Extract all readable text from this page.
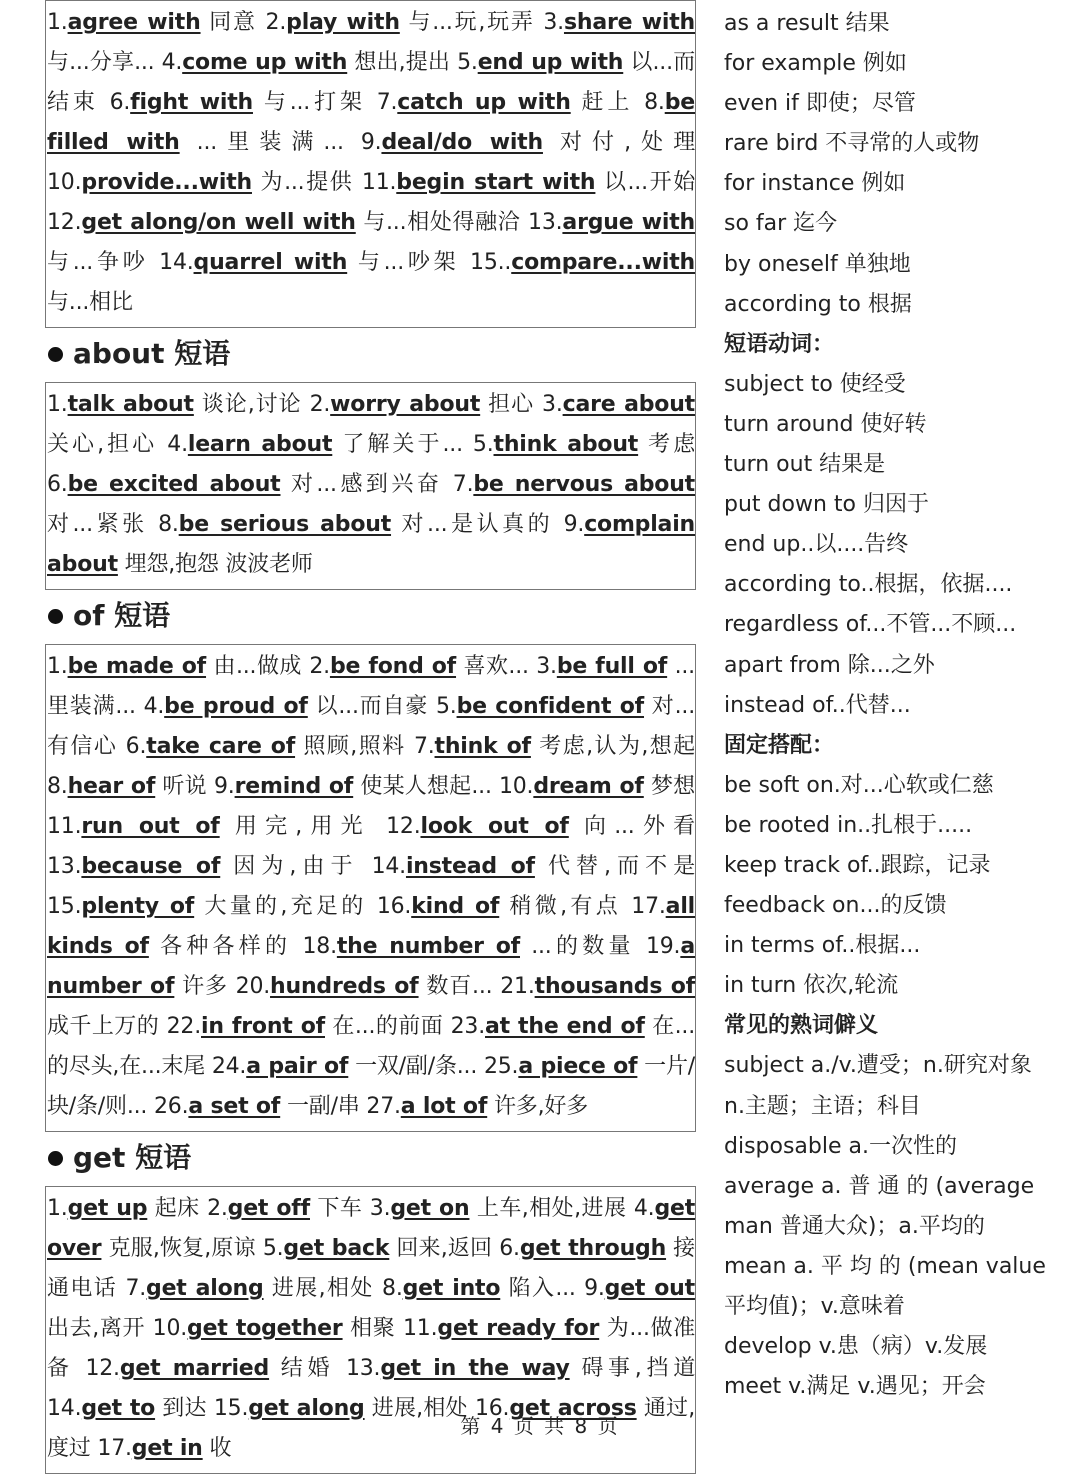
1.agree with 同意 2.play with 与...玩,玩弄 3.share with 与...分享... 4.come up with 想出,提出 5.end up with 以...而结束 6.fight with 与...打架 7.catch up with 赶上 8.be filled with ...里装满... 9.deal/do with 对付,处理 10.provide...with 为...提供 11.begin start with 以...开始 12.get along/on well with 与...相处得融洽 13.argue with 与...争吵 14.quarrel with 与...吵架 15..compare...with 与...相比
about 短语
1.talk about 谈论,讨论 2.worry about 担心 3.care about 关心,担心 4.learn about 了解关于... 5.think about 考虑 6.be excited about 对...感到兴奋 7.be nervous about 对...紧张 8.be serious about 对...是认真的 9.complain about 埋怨,抱怨 波波老师
of 短语
1.be made of 由...做成 2.be fond of 喜欢... 3.be full of ...里装满... 4.be proud of 以...而自豪 5.be confident of 对...有信心 6.take care of 照顾,照料 7.think of 考虑,认为,想起 8.hear of 听说 9.remind of 使某人想起... 10.dream of 梦想 11.run out of 用完,用光 12.look out of 向...外看 13.because of 因为,由于 14.instead of 代替,而不是 15.plenty of 大量的,充足的 16.kind of 稍微,有点 17.all kinds of 各种各样的 18.the number of ...的数量 19.a number of 许多 20.hundreds of 数百... 21.thousands of 成千上万的 22.in front of 在...的前面 23.at the end of 在...的尽头,在...末尾 24.a pair of 一双/副/条... 25.a piece of 一片/块/条/则... 26.a set of 一副/串 27.a lot of 许多,好多
get 短语
1.get up 起床 2.get off 下车 3.get on 上车,相处,进展 4.get over 克服,恢复,原谅 5.get back 回来,返回 6.get through 接通电话 7.get along 进展,相处 8.get into 陷入... 9.get out 出去,离开 10.get together 相聚 11.get ready for 为...做准备 12.get married 结婚 13.get in the way 碍事,挡道 14.get to 到达 15.get along 进展,相处 16.get across 通过,度过 17.get in 收
as a result 结果
for example 例如
even if 即使；尽管
rare bird 不寻常的人或物
for instance 例如
so far 迄今
by oneself 单独地
according to 根据
短语动词：
subject to 使经受
turn around 使好转
turn out 结果是
put down to 归因于
end up..以....告终
according to..根据，依据....
regardless of...不管...不顾...
apart from 除...之外
instead of..代替...
固定搭配：
be soft on.对...心软或仁慈
be rooted in..扎根于.....
keep track of..跟踪，记录
feedback on...的反馈
in terms of..根据...
in turn 依次,轮流
常见的熟词僻义
subject a./v.遭受；n.研究对象
n.主题；主语；科目
disposable a.一次性的
average a. 普 通 的 (average man 普通大众)；a.平均的
mean a. 平 均 的 (mean value 平均值)；v.意味着
develop v.患（病）v.发展
meet v.满足 v.遇见；开会
第 4 页 共 8 页
